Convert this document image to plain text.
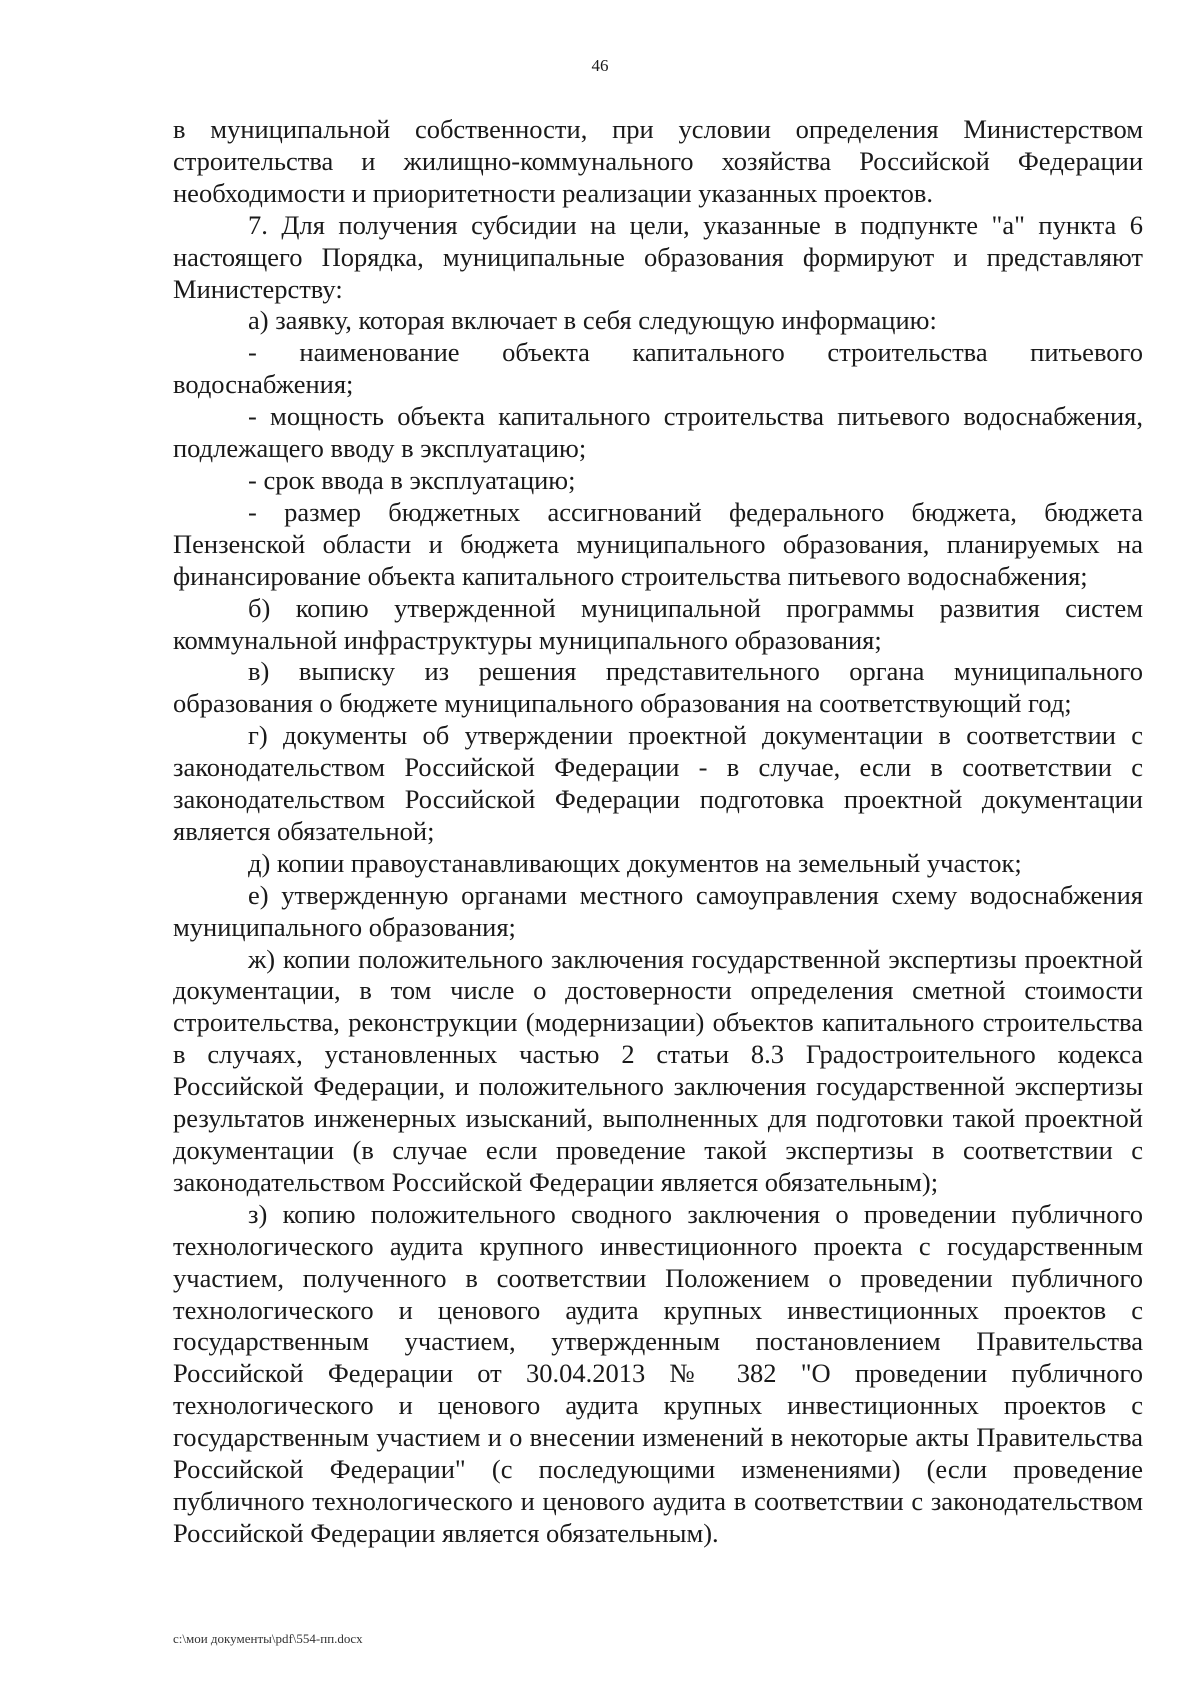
46

в муниципальной собственности, при условии определения Министерством строительства и жилищно-коммунального хозяйства Российской Федерации необходимости и приоритетности реализации указанных проектов.

7. Для получения субсидии на цели, указанные в подпункте "а" пункта 6 настоящего Порядка, муниципальные образования формируют и представляют Министерству:

а) заявку, которая включает в себя следующую информацию:

- наименование объекта капитального строительства питьевого водоснабжения;

- мощность объекта капитального строительства питьевого водоснабжения, подлежащего вводу в эксплуатацию;

- срок ввода в эксплуатацию;

- размер бюджетных ассигнований федерального бюджета, бюджета Пензенской области и бюджета муниципального образования, планируемых на финансирование объекта капитального строительства питьевого водоснабжения;

б) копию утвержденной муниципальной программы развития систем коммунальной инфраструктуры муниципального образования;

в) выписку из решения представительного органа муниципального образования о бюджете муниципального образования на соответствующий год;

г) документы об утверждении проектной документации в соответствии с законодательством Российской Федерации - в случае, если в соответствии с законодательством Российской Федерации подготовка проектной документации является обязательной;

д) копии правоустанавливающих документов на земельный участок;

е) утвержденную органами местного самоуправления схему водоснабжения муниципального образования;

ж) копии положительного заключения государственной экспертизы проектной документации, в том числе о достоверности определения сметной стоимости строительства, реконструкции (модернизации) объектов капитального строительства в случаях, установленных частью 2 статьи 8.3 Градостроительного кодекса Российской Федерации, и положительного заключения государственной экспертизы результатов инженерных изысканий, выполненных для подготовки такой проектной документации (в случае если проведение такой экспертизы в соответствии с законодательством Российской Федерации является обязательным);

з) копию положительного сводного заключения о проведении публичного технологического аудита крупного инвестиционного проекта с государственным участием, полученного в соответствии Положением о проведении публичного технологического и ценового аудита крупных инвестиционных проектов с государственным участием, утвержденным постановлением Правительства Российской Федерации от 30.04.2013 № 382 "О проведении публичного технологического и ценового аудита крупных инвестиционных проектов с государственным участием и о внесении изменений в некоторые акты Правительства Российской Федерации" (с последующими изменениями) (если проведение публичного технологического и ценового аудита в соответствии с законодательством Российской Федерации является обязательным).

c:\мои документы\pdf\554-пп.docx
